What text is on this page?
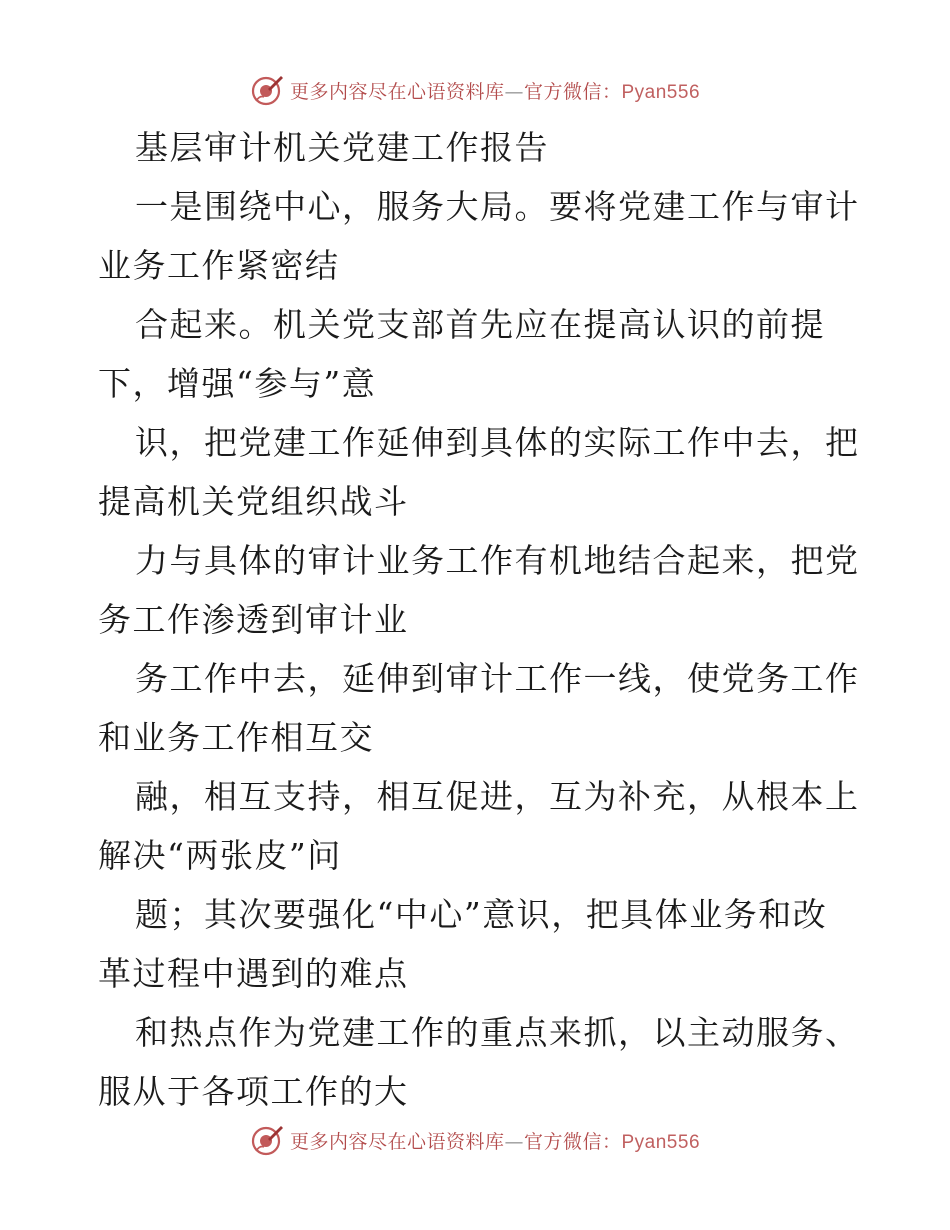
更多内容尽在心语资料库—官方微信：Pyan556
基层审计机关党建工作报告
一是围绕中心，服务大局。要将党建工作与审计
业务工作紧密结
合起来。机关党支部首先应在提高认识的前提
下，增强“参与”意
识，把党建工作延伸到具体的实际工作中去，把
提高机关党组织战斗
力与具体的审计业务工作有机地结合起来，把党
务工作渗透到审计业
务工作中去，延伸到审计工作一线，使党务工作
和业务工作相互交
融，相互支持，相互促进，互为补充，从根本上
解决“两张皮”问
题；其次要强化“中心”意识，把具体业务和改
革过程中遇到的难点
和热点作为党建工作的重点来抓，以主动服务、
服从于各项工作的大
更多内容尽在心语资料库—官方微信：Pyan556
